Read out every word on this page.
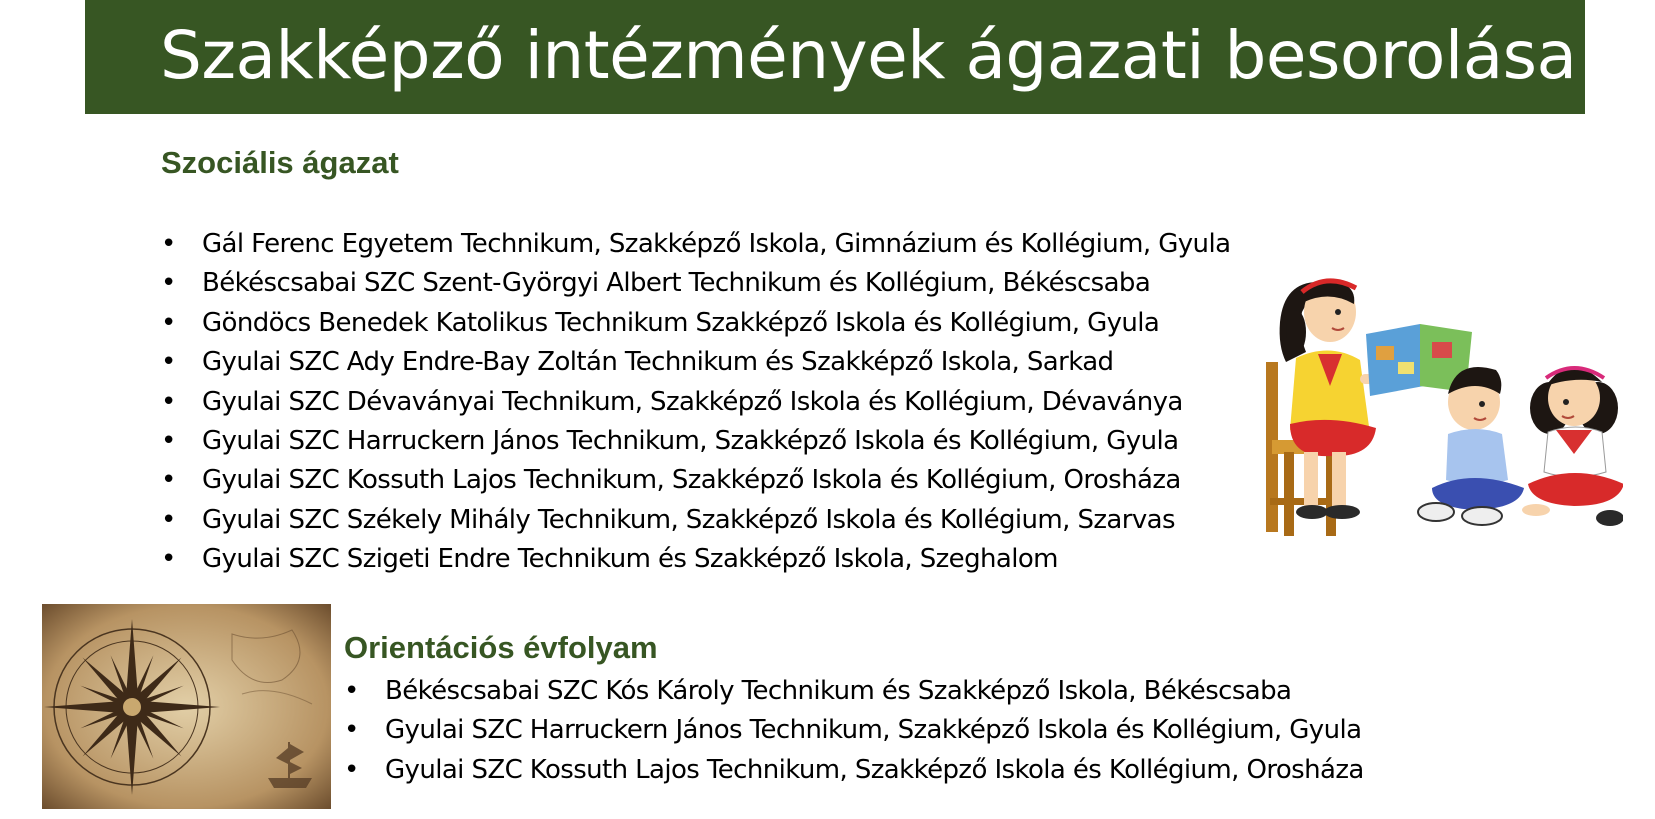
Szakképző intézmények ágazati besorolása
Szociális ágazat
• Gál Ferenc Egyetem Technikum, Szakképző Iskola, Gimnázium és Kollégium, Gyula
• Békéscsabai SZC Szent-Györgyi Albert Technikum és Kollégium, Békéscsaba
• Göndöcs Benedek Katolikus Technikum Szakképző Iskola és Kollégium, Gyula
• Gyulai SZC Ady Endre-Bay Zoltán Technikum és Szakképző Iskola, Sarkad
• Gyulai SZC Dévaványai Technikum, Szakképző Iskola és Kollégium, Dévaványa
• Gyulai SZC Harruckern János Technikum, Szakképző Iskola és Kollégium, Gyula
• Gyulai SZC Kossuth Lajos Technikum, Szakképző Iskola és Kollégium, Orosháza
• Gyulai SZC Székely Mihály Technikum, Szakképző Iskola és Kollégium, Szarvas
• Gyulai SZC Szigeti Endre Technikum és Szakképző Iskola, Szeghalom
Orientációs évfolyam
• Békéscsabai SZC Kós Károly Technikum és Szakképző Iskola, Békéscsaba
• Gyulai SZC Harruckern János Technikum, Szakképző Iskola és Kollégium, Gyula
• Gyulai SZC Kossuth Lajos Technikum, Szakképző Iskola és Kollégium, Orosháza
